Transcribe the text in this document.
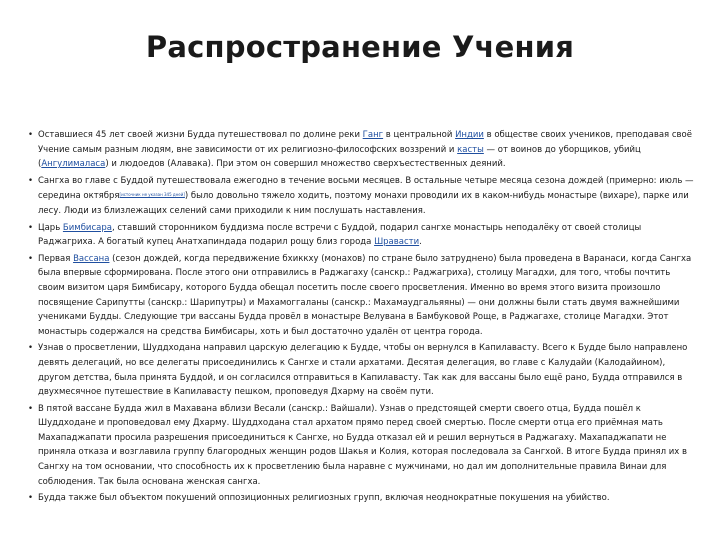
Распространение Учения
• Оставшиеся 45 лет своей жизни Будда путешествовал по долине реки Ганг в центральной Индии в обществе своих учеников, преподавая своё Учение самым разным людям, вне зависимости от их религиозно-философских воззрений и касты — от воинов до уборщиков, убийц (Ангулималаса) и людоедов (Алавака). При этом он совершил множество сверхъестественных деяний.
• Сангха во главе с Буддой путешествовала ежегодно в течение восьми месяцев. В остальные четыре месяца сезона дождей (примерно: июль — середина октября[источник не указан 345 дней]) было довольно тяжело ходить, поэтому монахи проводили их в каком-нибудь монастыре (вихаре), парке или лесу. Люди из близлежащих селений сами приходили к ним послушать наставления.
• Царь Бимбисара, ставший сторонником буддизма после встречи с Буддой, подарил сангхе монастырь неподалёку от своей столицы Раджагриха. А богатый купец Анатхапиндада подарил рощу близ города Шравасти.
• Первая Вассана (сезон дождей, когда передвижение бхиккху (монахов) по стране было затруднено) была проведена в Варанаси, когда Сангха была впервые сформирована. После этого они отправились в Раджагаху (санскр.: Раджагриха), столицу Магадхи, для того, чтобы почтить своим визитом царя Бимбисару, которого Будда обещал посетить после своего просветления. Именно во время этого визита произошло посвящение Сарипутты (санскр.: Шарипутры) и Махамоггаланы (санскр.: Махамаудгальяяны) — они должны были стать двумя важнейшими учениками Будды. Следующие три вассаны Будда провёл в монастыре Велувана в Бамбуковой Роще, в Раджагахе, столице Магадхи. Этот монастырь содержался на средства Бимбисары, хоть и был достаточно удалён от центра города.
• Узнав о просветлении, Шуддходана направил царскую делегацию к Будде, чтобы он вернулся в Капилавасту. Всего к Будде было направлено девять делегаций, но все делегаты присоединились к Сангхе и стали архатами. Десятая делегация, во главе с Калудайи (Калодайином), другом детства, была принята Буддой, и он согласился отправиться в Капилавасту. Так как для вассаны было ещё рано, Будда отправился в двухмесячное путешествие в Капилавасту пешком, проповедуя Дхарму на своём пути.
• В пятой вассане Будда жил в Махавана вблизи Весали (санскр.: Вайшали). Узнав о предстоящей смерти своего отца, Будда пошёл к Шуддходане и проповедовал ему Дхарму. Шуддходана стал архатом прямо перед своей смертью. После смерти отца его приёмная мать Махападжапати просила разрешения присоединиться к Сангхе, но Будда отказал ей и решил вернуться в Раджагаху. Махападжапати не приняла отказа и возглавила группу благородных женщин родов Шакья и Колия, которая последовала за Сангхой. В итоге Будда принял их в Сангху на том основании, что способность их к просветлению была наравне с мужчинами, но дал им дополнительные правила Винаи для соблюдения. Так была основана женская сангха.
• Будда также был объектом покушений оппозиционных религиозных групп, включая неоднократные покушения на убийство.
